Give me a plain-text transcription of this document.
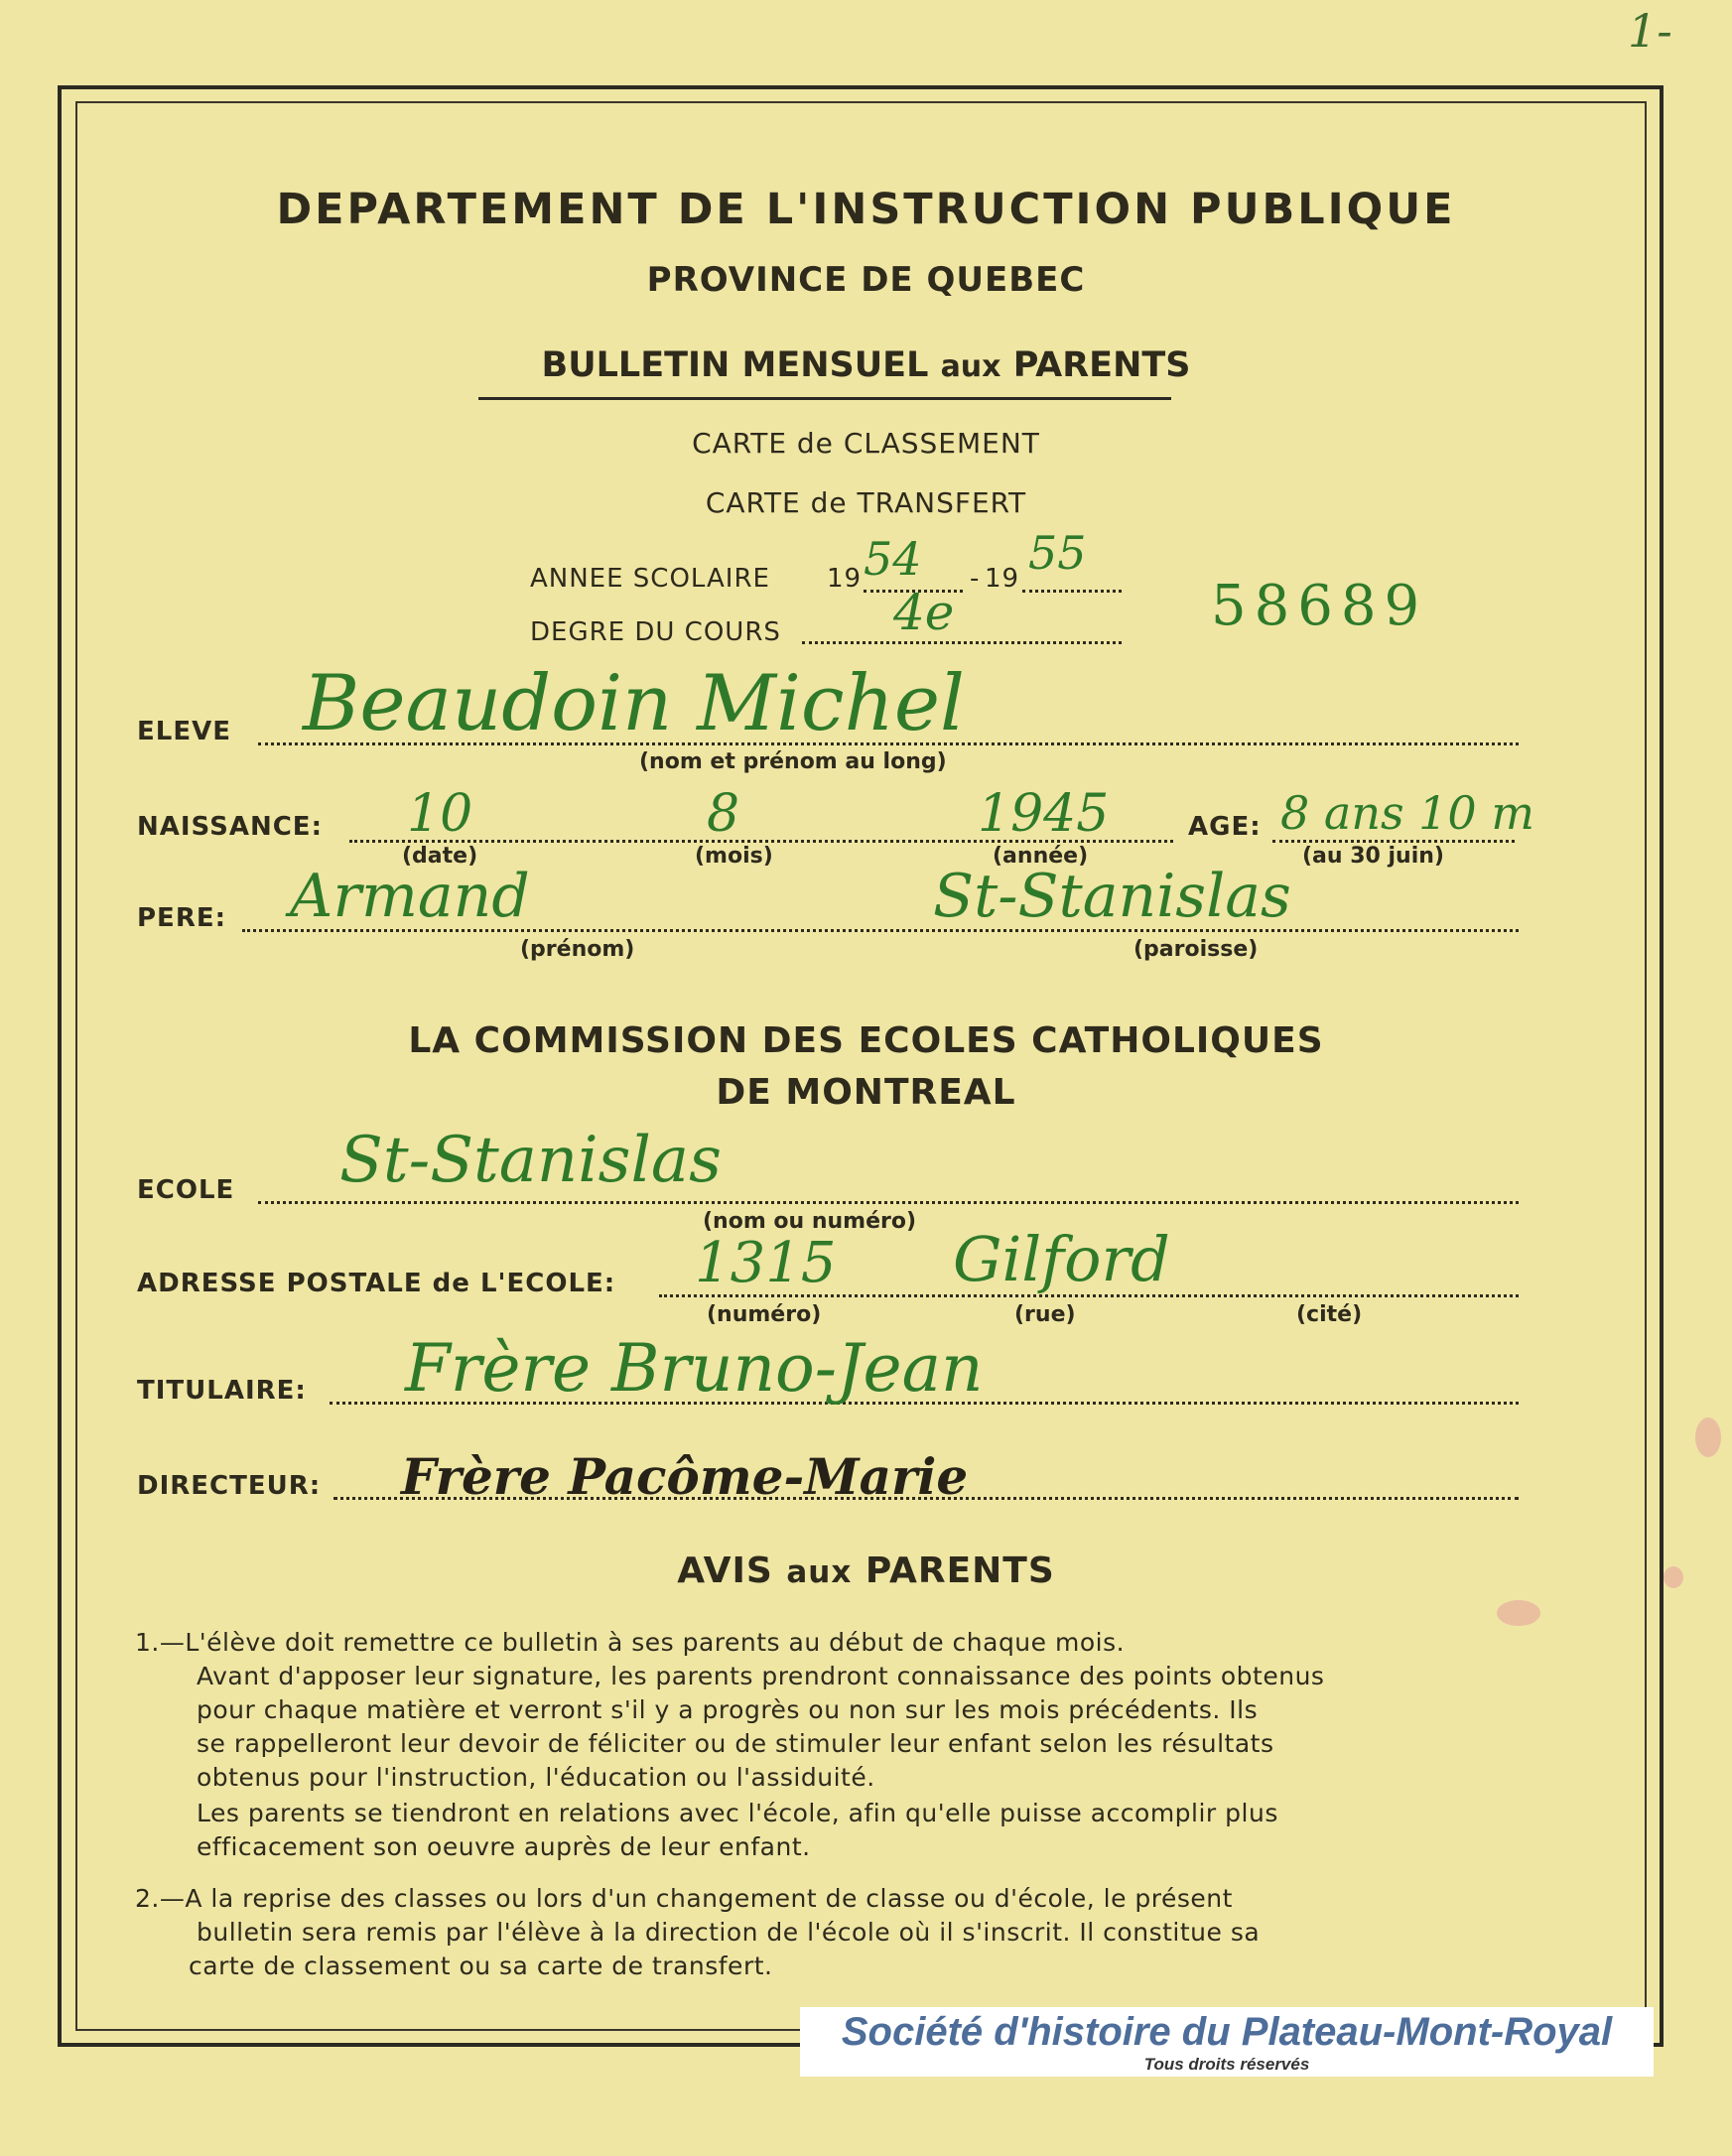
1-
DEPARTEMENT DE L'INSTRUCTION PUBLIQUE
PROVINCE DE QUEBEC
BULLETIN MENSUEL aux PARENTS
CARTE de CLASSEMENT
CARTE de TRANSFERT
ANNEE SCOLAIRE 19 54 - 19 55
DEGRE DU COURS 4e	58689
ELEVE Beaudoin Michel
(nom et prénom au long)
NAISSANCE: 10	8	1945
(date)	(mois)	(année)
AGE: 8 ans 10 m
(au 30 juin)
PERE: Armand	St-Stanislas
(prénom)	(paroisse)
LA COMMISSION DES ECOLES CATHOLIQUES
DE MONTREAL
ECOLE St-Stanislas
(nom ou numéro)
ADRESSE POSTALE de L'ECOLE: 1315 Gilford
(numéro)	(rue)	(cité)
TITULAIRE: Frère Bruno-Jean
DIRECTEUR: Frère Pacôme-Marie
AVIS aux PARENTS
1.—L'élève doit remettre ce bulletin à ses parents au début de chaque mois.
Avant d'apposer leur signature, les parents prendront connaissance des points obtenus
pour chaque matière et verront s'il y a progrès ou non sur les mois précédents. Ils
se rappelleront leur devoir de féliciter ou de stimuler leur enfant selon les résultats
obtenus pour l'instruction, l'éducation ou l'assiduité.
Les parents se tiendront en relations avec l'école, afin qu'elle puisse accomplir plus
efficacement son oeuvre auprès de leur enfant.
2.—A la reprise des classes ou lors d'un changement de classe ou d'école, le présent
bulletin sera remis par l'élève à la direction de l'école où il s'inscrit. Il constitue sa
carte de classement ou sa carte de transfert.
Société d'histoire du Plateau-Mont-Royal
Tous droits réservés
